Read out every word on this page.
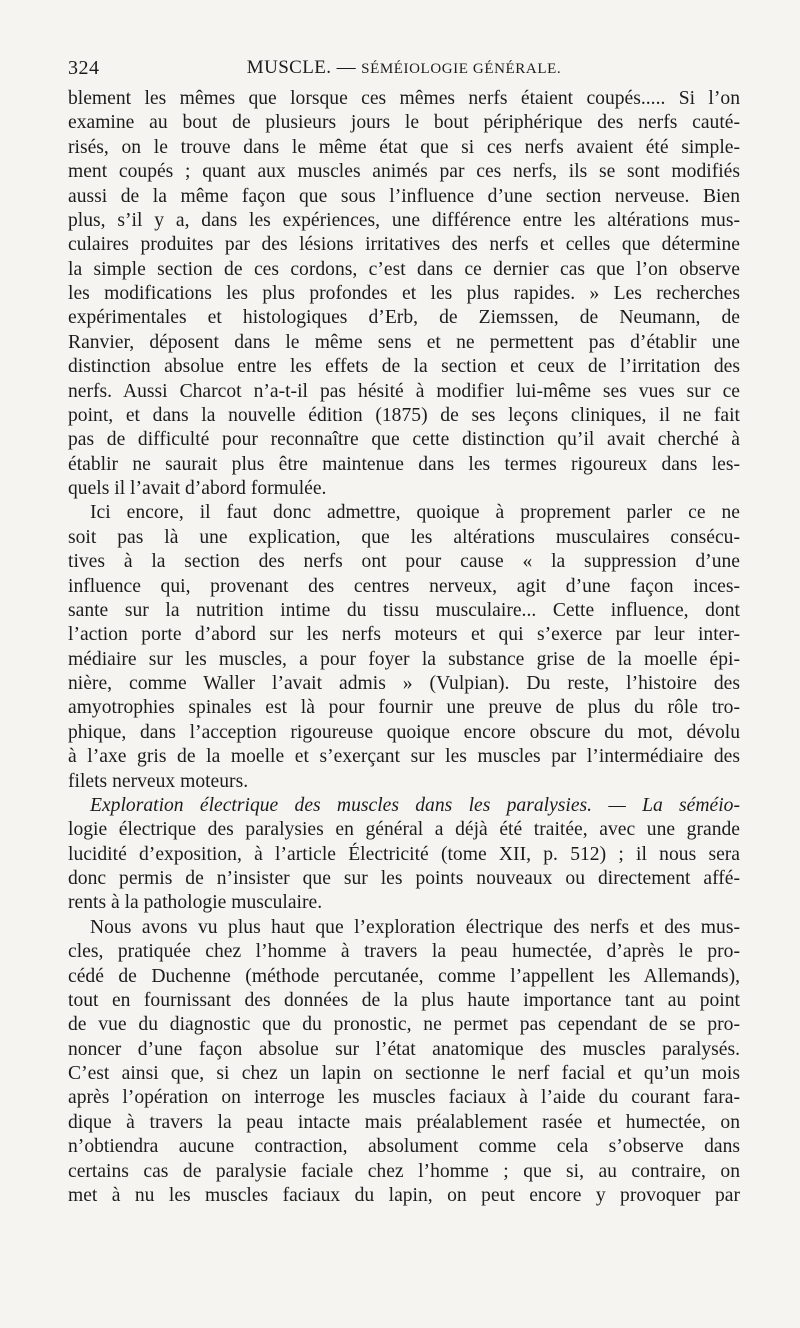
324	MUSCLE. — SÉMÉIOLOGIE GÉNÉRALE.
blement les mêmes que lorsque ces mêmes nerfs étaient coupés..... Si l’on
examine au bout de plusieurs jours le bout périphérique des nerfs cauté-
risés, on le trouve dans le même état que si ces nerfs avaient été simple-
ment coupés ; quant aux muscles animés par ces nerfs, ils se sont modifiés
aussi de la même façon que sous l’influence d’une section nerveuse. Bien
plus, s’il y a, dans les expériences, une différence entre les altérations mus-
culaires produites par des lésions irritatives des nerfs et celles que détermine
la simple section de ces cordons, c’est dans ce dernier cas que l’on observe
les modifications les plus profondes et les plus rapides. » Les recherches
expérimentales et histologiques d’Erb, de Ziemssen, de Neumann, de
Ranvier, déposent dans le même sens et ne permettent pas d’établir une
distinction absolue entre les effets de la section et ceux de l’irritation des
nerfs. Aussi Charcot n’a-t-il pas hésité à modifier lui-même ses vues sur ce
point, et dans la nouvelle édition (1875) de ses leçons cliniques, il ne fait
pas de difficulté pour reconnaître que cette distinction qu’il avait cherché à
établir ne saurait plus être maintenue dans les termes rigoureux dans les-
quels il l’avait d’abord formulée.
Ici encore, il faut donc admettre, quoique à proprement parler ce ne
soit pas là une explication, que les altérations musculaires consécu-
tives à la section des nerfs ont pour cause « la suppression d’une
influence qui, provenant des centres nerveux, agit d’une façon inces-
sante sur la nutrition intime du tissu musculaire... Cette influence, dont
l’action porte d’abord sur les nerfs moteurs et qui s’exerce par leur inter-
médiaire sur les muscles, a pour foyer la substance grise de la moelle épi-
nière, comme Waller l’avait admis » (Vulpian). Du reste, l’histoire des
amyotrophies spinales est là pour fournir une preuve de plus du rôle tro-
phique, dans l’acception rigoureuse quoique encore obscure du mot, dévolu
à l’axe gris de la moelle et s’exerçant sur les muscles par l’intermédiaire des
filets nerveux moteurs.
Exploration électrique des muscles dans les paralysies. — La séméio-
logie électrique des paralysies en général a déjà été traitée, avec une grande
lucidité d’exposition, à l’article Électricité (tome XII, p. 512) ; il nous sera
donc permis de n’insister que sur les points nouveaux ou directement affé-
rents à la pathologie musculaire.
Nous avons vu plus haut que l’exploration électrique des nerfs et des mus-
cles, pratiquée chez l’homme à travers la peau humectée, d’après le pro-
cédé de Duchenne (méthode percutanée, comme l’appellent les Allemands),
tout en fournissant des données de la plus haute importance tant au point
de vue du diagnostic que du pronostic, ne permet pas cependant de se pro-
noncer d’une façon absolue sur l’état anatomique des muscles paralysés.
C’est ainsi que, si chez un lapin on sectionne le nerf facial et qu’un mois
après l’opération on interroge les muscles faciaux à l’aide du courant fara-
dique à travers la peau intacte mais préalablement rasée et humectée, on
n’obtiendra aucune contraction, absolument comme cela s’observe dans
certains cas de paralysie faciale chez l’homme ; que si, au contraire, on
met à nu les muscles faciaux du lapin, on peut encore y provoquer par
